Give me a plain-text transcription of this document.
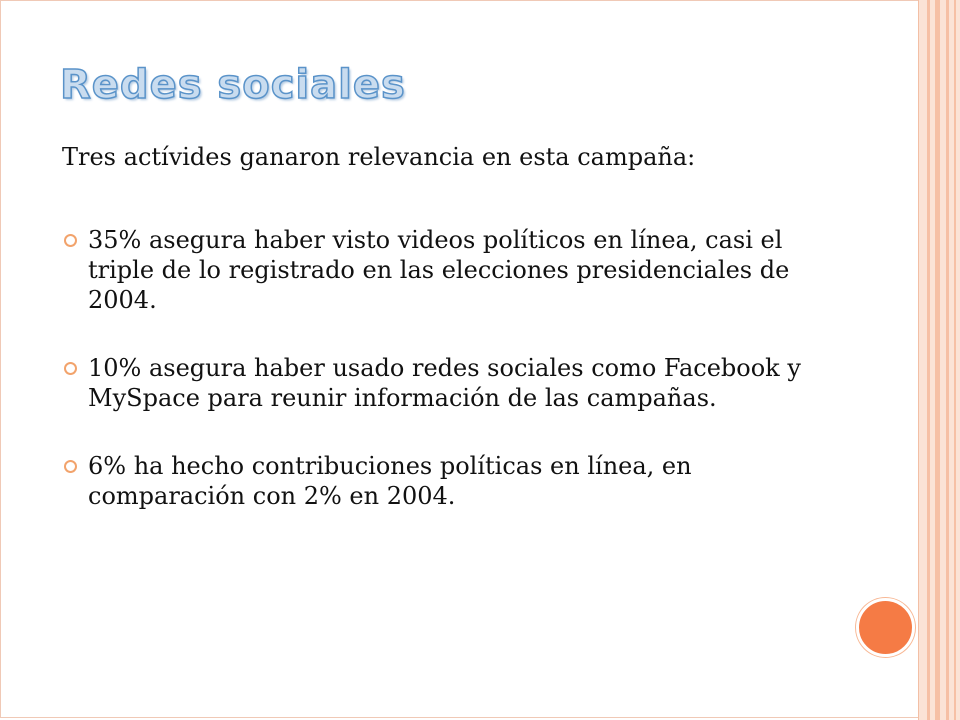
Redes sociales

Tres actívides ganaron relevancia en esta campaña:

35% asegura haber visto videos políticos en línea, casi el triple de lo registrado en las elecciones presidenciales de 2004.
10% asegura haber usado redes sociales como Facebook y MySpace para reunir información de las campañas.
6% ha hecho contribuciones políticas en línea, en comparación con 2% en 2004.
